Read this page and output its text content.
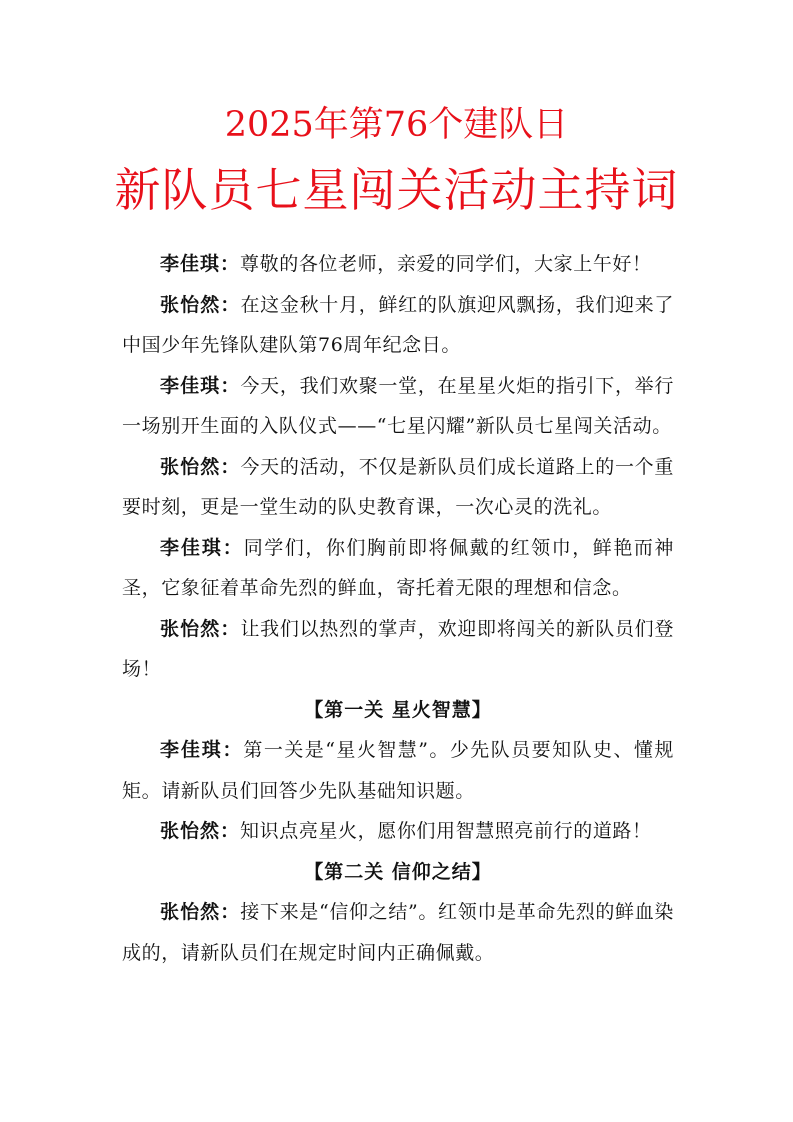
2025年第76个建队日
新队员七星闯关活动主持词

李佳琪：尊敬的各位老师，亲爱的同学们，大家上午好！

张怡然：在这金秋十月，鲜红的队旗迎风飘扬，我们迎来了中国少年先锋队建队第76周年纪念日。

李佳琪：今天，我们欢聚一堂，在星星火炬的指引下，举行一场别开生面的入队仪式——“七星闪耀”新队员七星闯关活动。

张怡然：今天的活动，不仅是新队员们成长道路上的一个重要时刻，更是一堂生动的队史教育课，一次心灵的洗礼。

李佳琪：同学们，你们胸前即将佩戴的红领巾，鲜艳而神圣，它象征着革命先烈的鲜血，寄托着无限的理想和信念。

张怡然：让我们以热烈的掌声，欢迎即将闯关的新队员们登场！

【第一关 星火智慧】

李佳琪：第一关是“星火智慧”。少先队员要知队史、懂规矩。请新队员们回答少先队基础知识题。

张怡然：知识点亮星火，愿你们用智慧照亮前行的道路！

【第二关 信仰之结】

张怡然：接下来是“信仰之结”。红领巾是革命先烈的鲜血染成的，请新队员们在规定时间内正确佩戴。
